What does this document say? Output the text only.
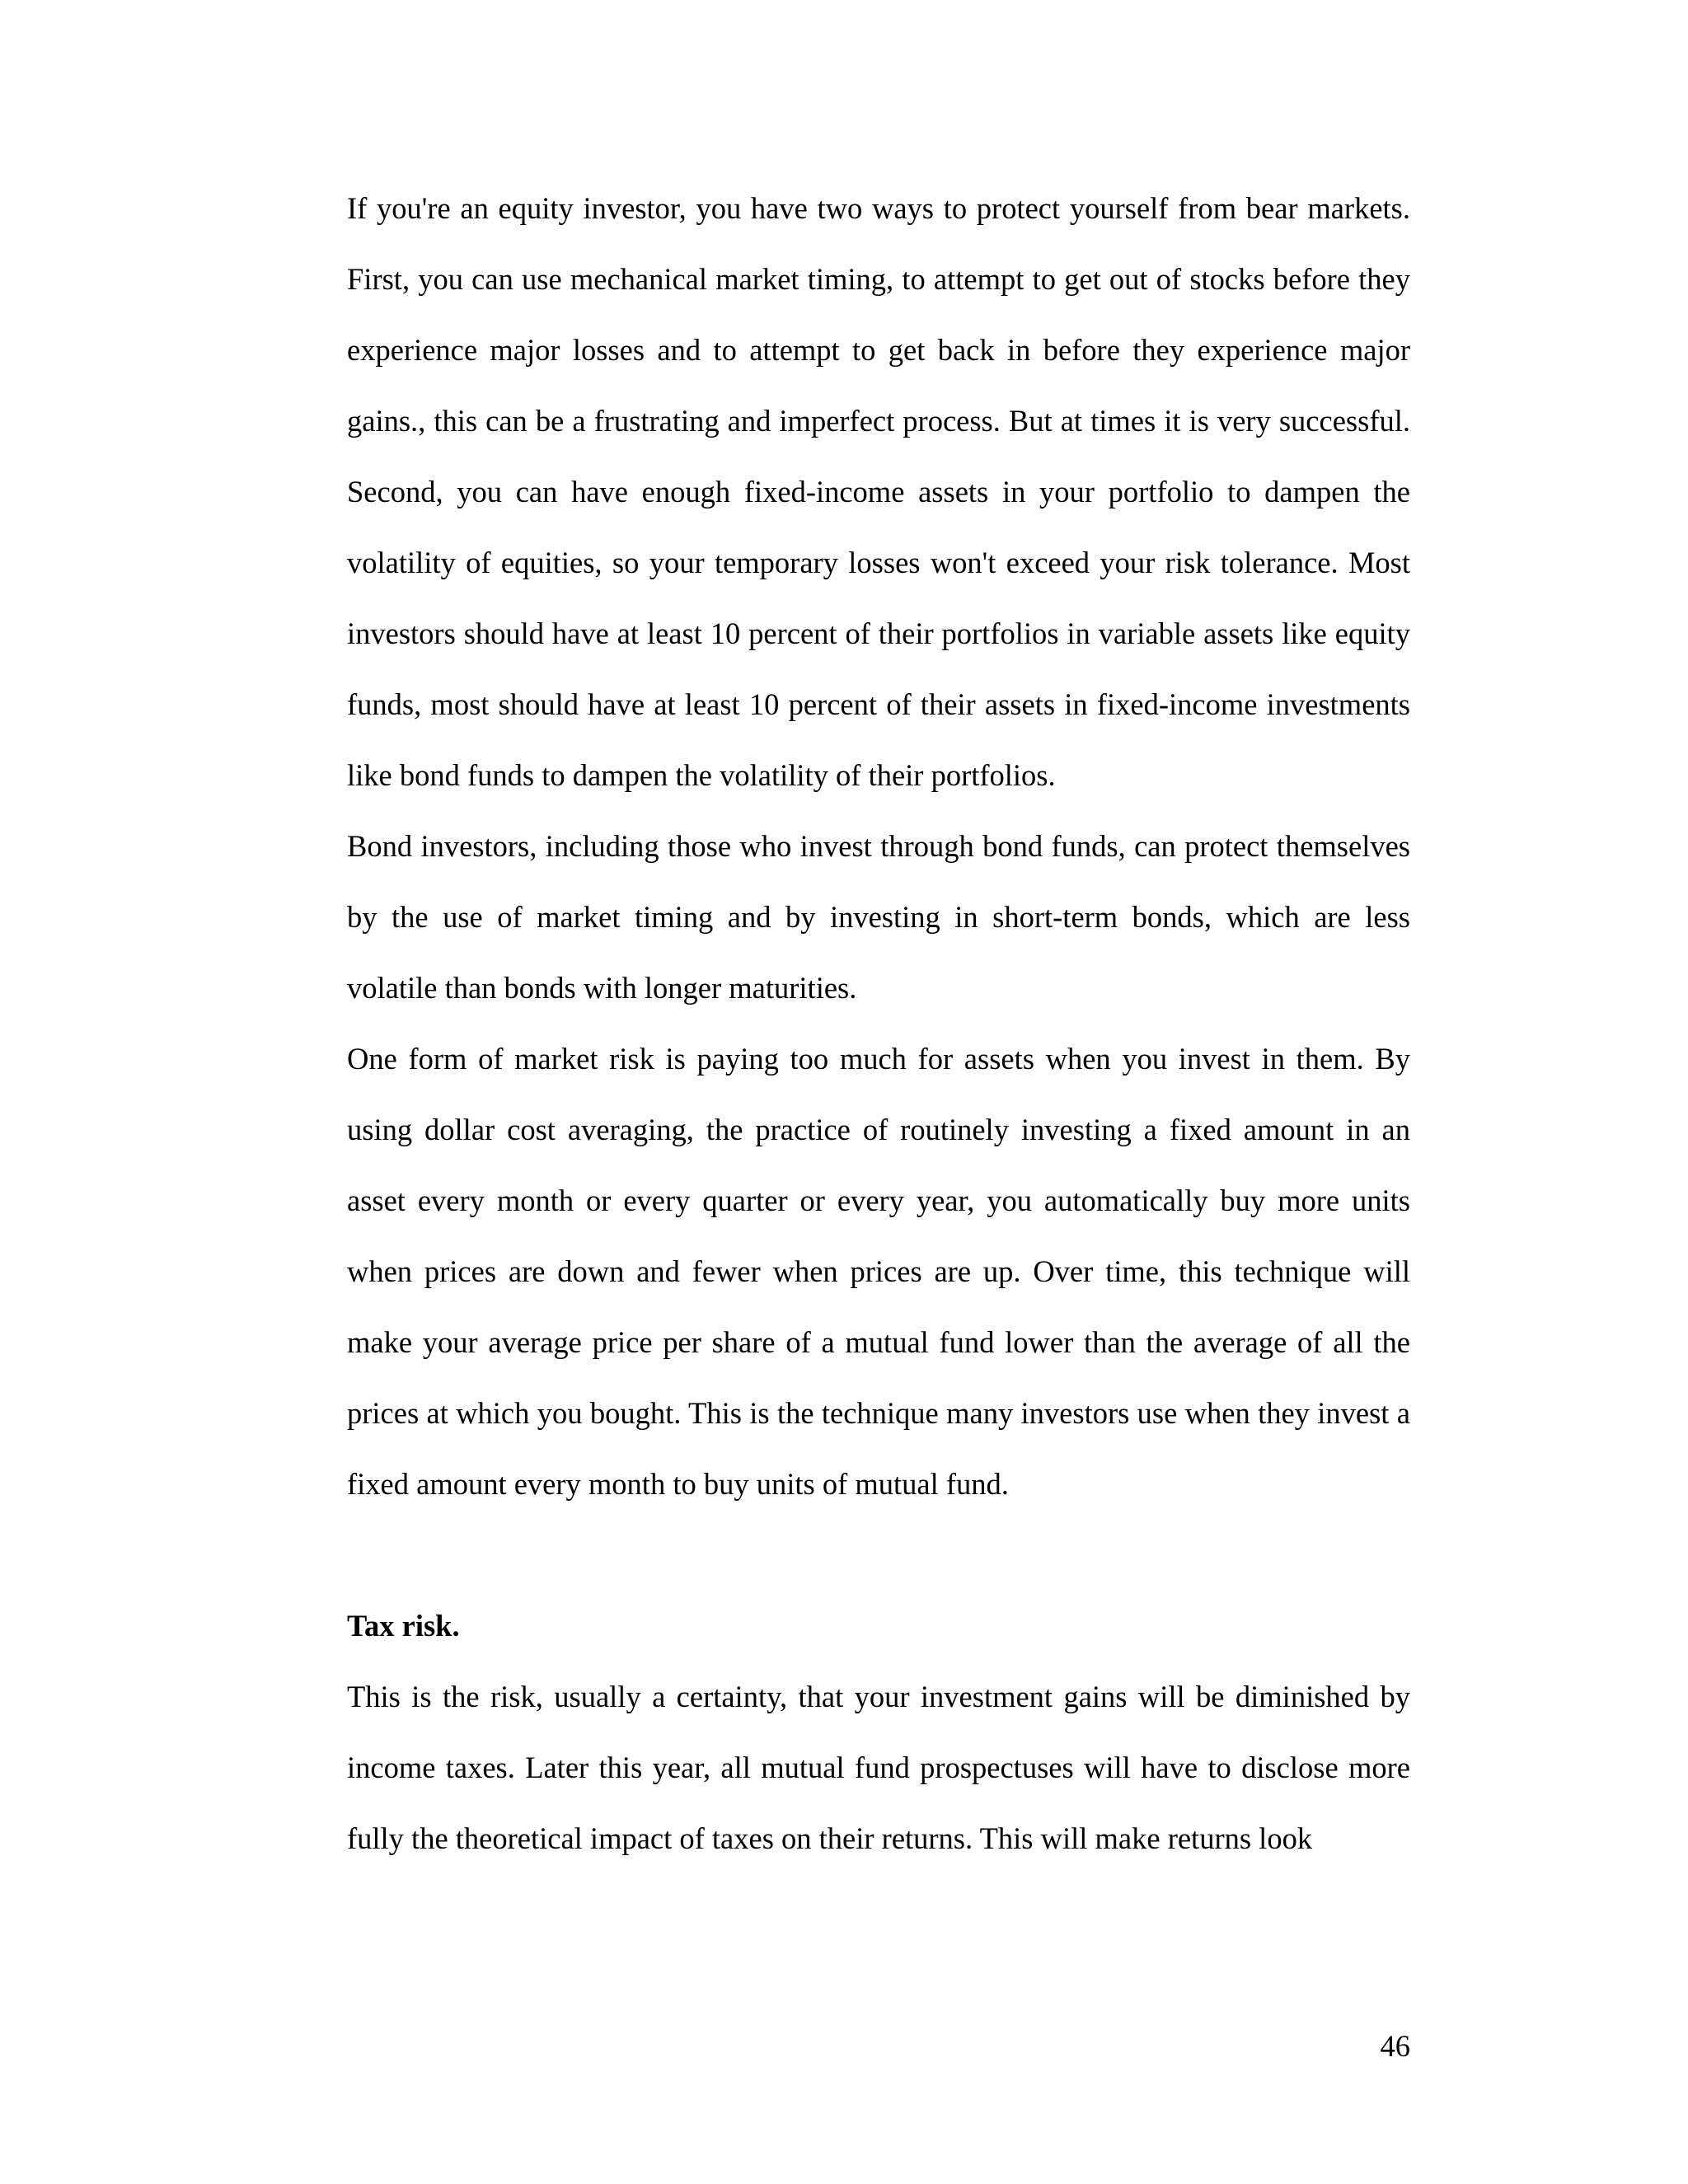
If you're an equity investor, you have two ways to protect yourself from bear markets. First, you can use mechanical market timing, to attempt to get out of stocks before they experience major losses and to attempt to get back in before they experience major gains., this can be a frustrating and imperfect process. But at times it is very successful. Second, you can have enough fixed-income assets in your portfolio to dampen the volatility of equities, so your temporary losses won't exceed your risk tolerance. Most investors should have at least 10 percent of their portfolios in variable assets like equity funds, most should have at least 10 percent of their assets in fixed-income investments like bond funds to dampen the volatility of their portfolios.

Bond investors, including those who invest through bond funds, can protect themselves by the use of market timing and by investing in short-term bonds, which are less volatile than bonds with longer maturities.

One form of market risk is paying too much for assets when you invest in them. By using dollar cost averaging, the practice of routinely investing a fixed amount in an asset every month or every quarter or every year, you automatically buy more units when prices are down and fewer when prices are up. Over time, this technique will make your average price per share of a mutual fund lower than the average of all the prices at which you bought. This is the technique many investors use when they invest a fixed amount every month to buy units of mutual fund.

Tax risk.

This is the risk, usually a certainty, that your investment gains will be diminished by income taxes. Later this year, all mutual fund prospectuses will have to disclose more fully the theoretical impact of taxes on their returns. This will make returns look

46
